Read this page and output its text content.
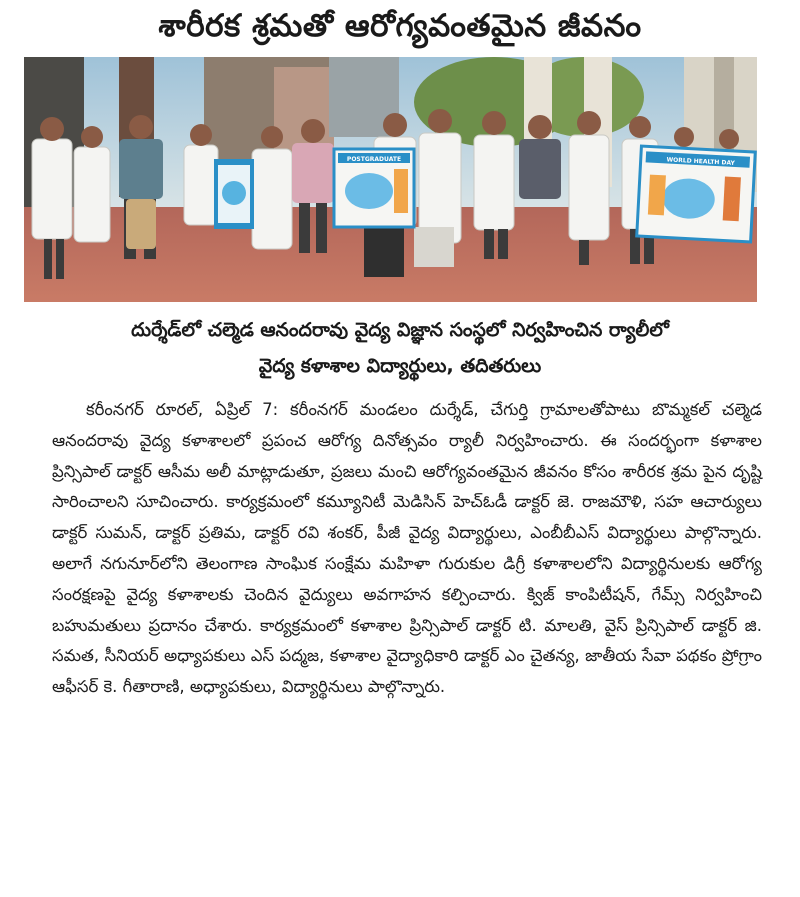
శారీరక శ్రమతో ఆరోగ్యవంతమైన జీవనం
POSTGRADUATE	WORLD HEALTH DAY
దుర్శేడ్‌లో చల్మెడ ఆనందరావు వైద్య విజ్ఞాన సంస్థలో నిర్వహించిన ర్యాలీలో
వైద్య కళాశాల విద్యార్థులు, తదితరులు

కరీంనగర్ రూరల్, ఏప్రిల్ 7: కరీంనగర్ మండలం దుర్శేడ్, చేగుర్తి గ్రామాలతోపాటు బొమ్మకల్ చల్మెడ ఆనందరావు వైద్య కళాశాలలో ప్రపంచ ఆరోగ్య దినోత్సవం ర్యాలీ నిర్వహించారు. ఈ సందర్భంగా కళాశాల ప్రిన్సిపాల్ డాక్టర్ ఆసీమ అలీ మాట్లాడుతూ, ప్రజలు మంచి ఆరోగ్యవంతమైన జీవనం కోసం శారీరక శ్రమ పైన దృష్టి సారించాలని సూచించారు. కార్యక్రమంలో కమ్యూనిటీ మెడిసిన్ హెచ్ఓడీ డాక్టర్ జె. రాజమౌళి, సహ ఆచార్యులు డాక్టర్ సుమన్, డాక్టర్ ప్రతిమ, డాక్టర్ రవి శంకర్, పీజీ వైద్య విద్యార్థులు, ఎంబీబీఎస్ విద్యార్థులు పాల్గొన్నారు. అలాగే నగునూర్‌లోని తెలంగాణ సాంఘిక సంక్షేమ మహిళా గురుకుల డిగ్రీ కళాశాలలోని విద్యార్థినులకు ఆరోగ్య సంరక్షణపై వైద్య కళాశాలకు చెందిన వైద్యులు అవగాహన కల్పించారు. క్విజ్ కాంపిటీషన్, గేమ్స్ నిర్వహించి బహుమతులు ప్రదానం చేశారు. కార్యక్రమంలో కళాశాల ప్రిన్సిపాల్ డాక్టర్ టి. మాలతి, వైస్ ప్రిన్సిపాల్ డాక్టర్ జి. సమత, సీనియర్ అధ్యాపకులు ఎస్ పద్మజ, కళాశాల వైద్యాధికారి డాక్టర్ ఎం చైతన్య, జాతీయ సేవా పథకం ప్రోగ్రాం ఆఫీసర్ కె. గీతారాణి, అధ్యాపకులు, విద్యార్థినులు పాల్గొన్నారు.
